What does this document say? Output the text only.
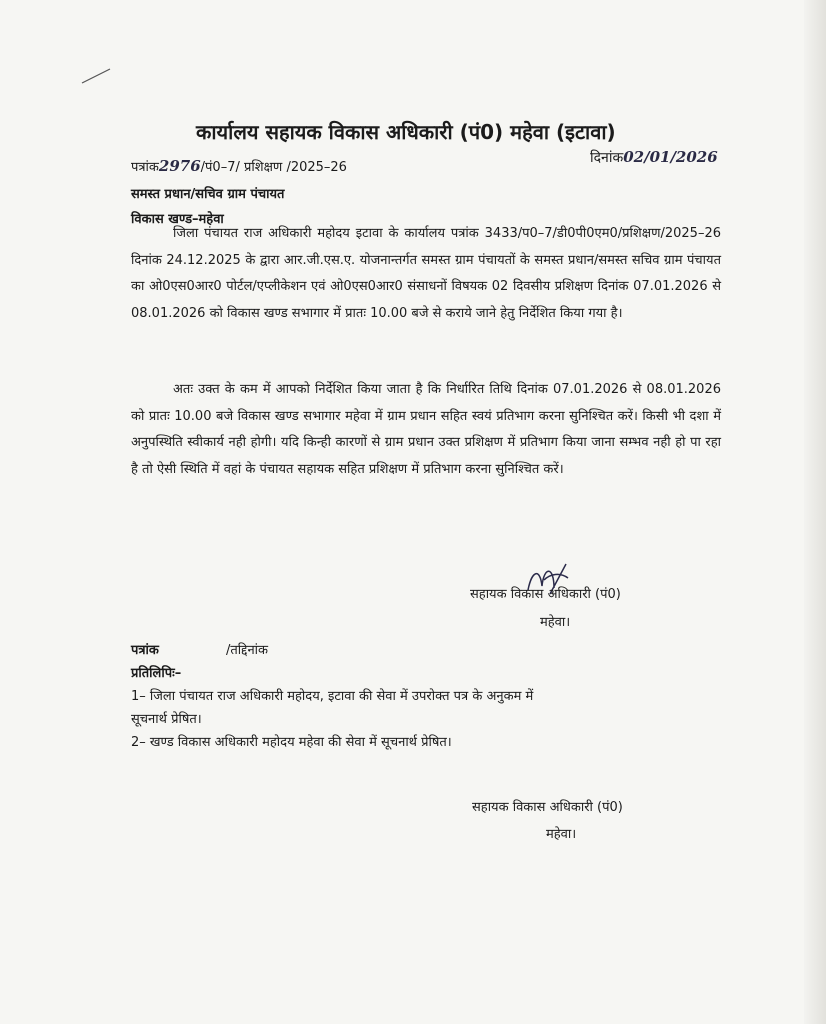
कार्यालय सहायक विकास अधिकारी (पं0) महेवा (इटावा)
पत्रांक2976/पं0–7/ प्रशिक्षण /2025–26
दिनांक02/01/2026
समस्त प्रधान/सचिव ग्राम पंचायत
विकास खण्ड–महेवा
जिला पंचायत राज अधिकारी महोदय इटावा के कार्यालय पत्रांक 3433/प0–7/डी0पी0एम0/प्रशिक्षण/2025–26 दिनांक 24.12.2025 के द्वारा आर.जी.एस.ए. योजनान्तर्गत समस्त ग्राम पंचायतों के समस्त प्रधान/समस्त सचिव ग्राम पंचायत का ओ0एस0आर0 पोर्टल/एप्लीकेशन एवं ओ0एस0आर0 संसाधनों विषयक 02 दिवसीय प्रशिक्षण दिनांक 07.01.2026 से 08.01.2026 को विकास खण्ड सभागार में प्रातः 10.00 बजे से कराये जाने हेतु निर्देशित किया गया है।
अतः उक्त के कम में आपको निर्देशित किया जाता है कि निर्धारित तिथि दिनांक 07.01.2026 से 08.01.2026 को प्रातः 10.00 बजे विकास खण्ड सभागार महेवा में ग्राम प्रधान सहित स्वयं प्रतिभाग करना सुनिश्चित करें। किसी भी दशा में अनुपस्थिति स्वीकार्य नही होगी। यदि किन्ही कारणों से ग्राम प्रधान उक्त प्रशिक्षण में प्रतिभाग किया जाना सम्भव नही हो पा रहा है तो ऐसी स्थिति में वहां के पंचायत सहायक सहित प्रशिक्षण में प्रतिभाग करना सुनिश्चित करें।
सहायक विकास अधिकारी (पं0)
महेवा।
पत्रांक	/तद्दिनांक
प्रतिलिपिः–
1– जिला पंचायत राज अधिकारी महोदय, इटावा की सेवा में उपरोक्त पत्र के अनुकम में
सूचनार्थ प्रेषित।
2– खण्ड विकास अधिकारी महोदय महेवा की सेवा में सूचनार्थ प्रेषित।
सहायक विकास अधिकारी (पं0)
महेवा।
